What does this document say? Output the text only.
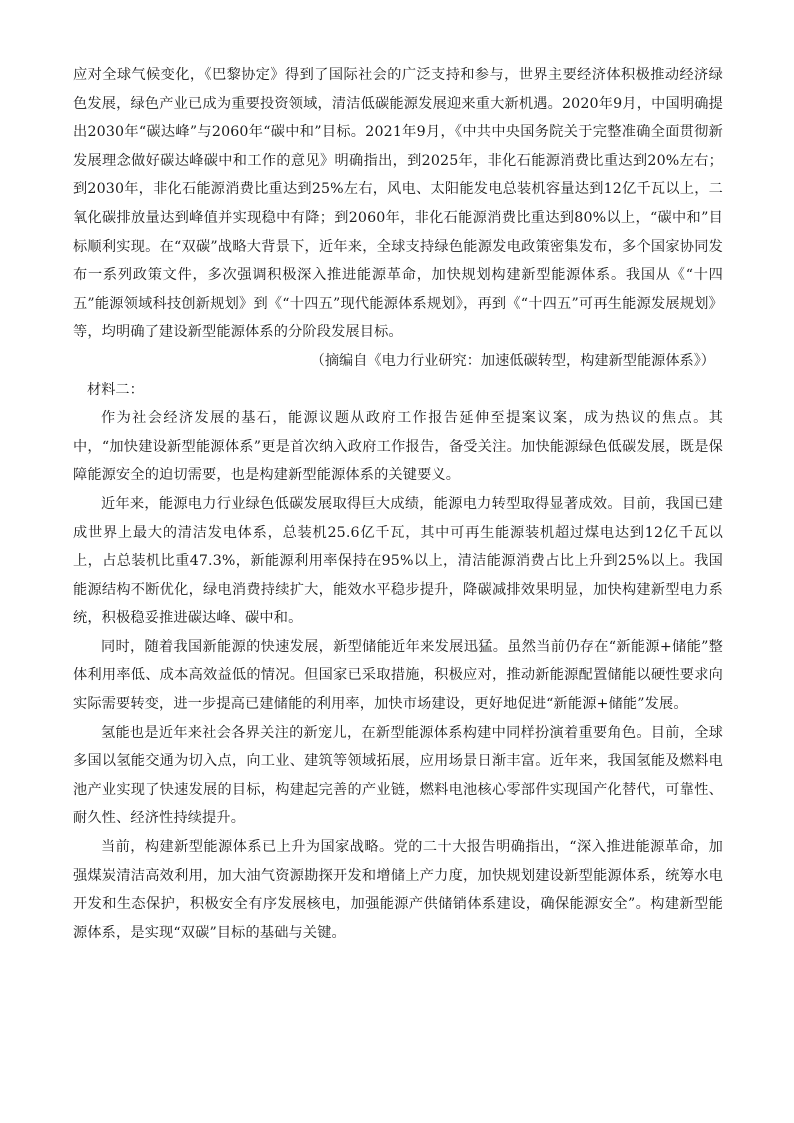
应对全球气候变化，《巴黎协定》得到了国际社会的广泛支持和参与，世界主要经济体积极推动经济绿色发展，绿色产业已成为重要投资领域，清洁低碳能源发展迎来重大新机遇。2020年9月，中国明确提出2030年“碳达峰”与2060年“碳中和”目标。2021年9月，《中共中央国务院关于完整准确全面贯彻新发展理念做好碳达峰碳中和工作的意见》明确指出，到2025年，非化石能源消费比重达到20%左右；到2030年，非化石能源消费比重达到25%左右，风电、太阳能发电总装机容量达到12亿千瓦以上，二氧化碳排放量达到峰值并实现稳中有降；到2060年，非化石能源消费比重达到80%以上，“碳中和”目标顺利实现。在“双碳”战略大背景下，近年来，全球支持绿色能源发电政策密集发布，多个国家协同发布一系列政策文件，多次强调积极深入推进能源革命，加快规划构建新型能源体系。我国从《“十四五”能源领域科技创新规划》到《“十四五”现代能源体系规划》，再到《“十四五”可再生能源发展规划》等，均明确了建设新型能源体系的分阶段发展目标。

（摘编自《电力行业研究：加速低碳转型，构建新型能源体系》）

材料二：

作为社会经济发展的基石，能源议题从政府工作报告延伸至提案议案，成为热议的焦点。其中，“加快建设新型能源体系”更是首次纳入政府工作报告，备受关注。加快能源绿色低碳发展，既是保障能源安全的迫切需要，也是构建新型能源体系的关键要义。

近年来，能源电力行业绿色低碳发展取得巨大成绩，能源电力转型取得显著成效。目前，我国已建成世界上最大的清洁发电体系，总装机25.6亿千瓦，其中可再生能源装机超过煤电达到12亿千瓦以上，占总装机比重47.3%，新能源利用率保持在95%以上，清洁能源消费占比上升到25%以上。我国能源结构不断优化，绿电消费持续扩大，能效水平稳步提升，降碳减排效果明显，加快构建新型电力系统，积极稳妥推进碳达峰、碳中和。

同时，随着我国新能源的快速发展，新型储能近年来发展迅猛。虽然当前仍存在“新能源+储能”整体利用率低、成本高效益低的情况。但国家已采取措施，积极应对，推动新能源配置储能以硬性要求向实际需要转变，进一步提高已建储能的利用率，加快市场建设，更好地促进“新能源+储能”发展。

氢能也是近年来社会各界关注的新宠儿，在新型能源体系构建中同样扮演着重要角色。目前，全球多国以氢能交通为切入点，向工业、建筑等领域拓展，应用场景日渐丰富。近年来，我国氢能及燃料电池产业实现了快速发展的目标，构建起完善的产业链，燃料电池核心零部件实现国产化替代，可靠性、耐久性、经济性持续提升。

当前，构建新型能源体系已上升为国家战略。党的二十大报告明确指出，“深入推进能源革命，加强煤炭清洁高效利用，加大油气资源勘探开发和增储上产力度，加快规划建设新型能源体系，统筹水电开发和生态保护，积极安全有序发展核电，加强能源产供储销体系建设，确保能源安全”。构建新型能源体系，是实现“双碳”目标的基础与关键。
